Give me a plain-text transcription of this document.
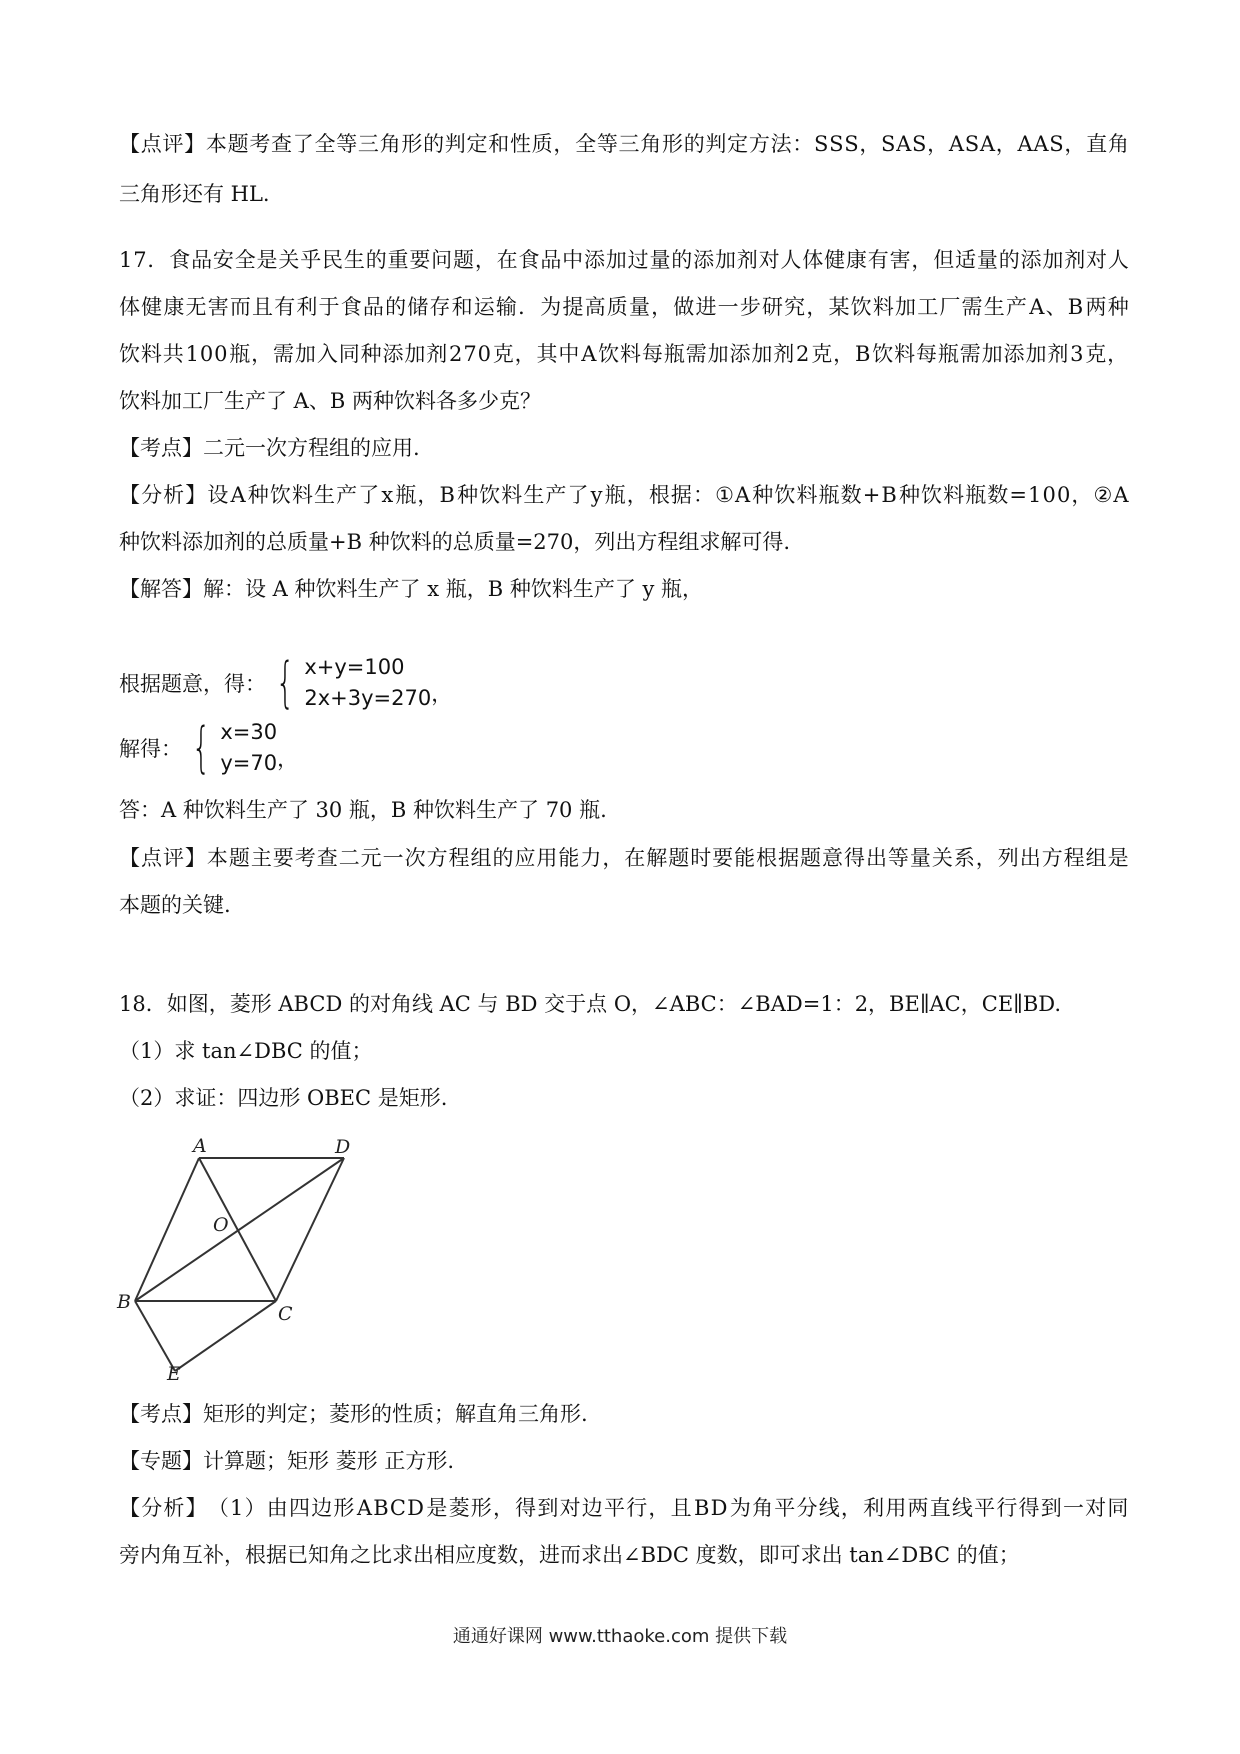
【 点 评 】 本 题 考 查 了 全 等 三 角 形 的 判 定 和 性 质 ， 全 等 三 角 形 的 判 定 方 法 ： S S S ， S A S ， A S A ， A A S ， 直 角
三角形还有 HL.
1 7 ． 食 品 安 全 是 关 乎 民 生 的 重 要 问 题 ， 在 食 品 中 添 加 过 量 的 添 加 剂 对 人 体 健 康 有 害 ， 但 适 量 的 添 加 剂 对 人
体 健 康 无 害 而 且 有 利 于 食 品 的 储 存 和 运 输 ． 为 提 高 质 量 ， 做 进 一 步 研 究 ， 某 饮 料 加 工 厂 需 生 产 A 、 B 两 种
饮 料 共 1 0 0 瓶 ， 需 加 入 同 种 添 加 剂 2 7 0 克 ， 其 中 A 饮 料 每 瓶 需 加 添 加 剂 2 克 ， B 饮 料 每 瓶 需 加 添 加 剂 3 克 ，
饮料加工厂生产了 A、B 两种饮料各多少克？
【考点】二元一次方程组的应用.
【 分 析 】 设 A 种 饮 料 生 产 了 x 瓶 ， B 种 饮 料 生 产 了 y 瓶 ， 根 据 ： ① A 种 饮 料 瓶 数 + B 种 饮 料 瓶 数 = 1 0 0 ， ② A
种饮料添加剂的总质量+B 种饮料的总质量=270，列出方程组求解可得.
【解答】解：设 A 种饮料生产了 x 瓶，B 种饮料生产了 y 瓶，
根据题意，得： { x+y=100
2x+3y=270 ，
解得： { x=30
y=70 ，
答：A 种饮料生产了 30 瓶，B 种饮料生产了 70 瓶.
【 点 评 】 本 题 主 要 考 查 二 元 一 次 方 程 组 的 应 用 能 力 ， 在 解 题 时 要 能 根 据 题 意 得 出 等 量 关 系 ， 列 出 方 程 组 是
本题的关键.
18．如图，菱形 ABCD 的对角线 AC 与 BD 交于点 O，∠ABC：∠BAD=1：2，BE∥AC，CE∥BD.
（1）求 tan∠DBC 的值；
（2）求证：四边形 OBEC 是矩形.
A	D
O
B
C
E
【考点】矩形的判定；菱形的性质；解直角三角形.
【专题】计算题；矩形 菱形 正方形.
【 分 析 】 （ 1 ） 由 四 边 形 A B C D 是 菱 形 ， 得 到 对 边 平 行 ， 且 B D 为 角 平 分 线 ， 利 用 两 直 线 平 行 得 到 一 对 同
旁内角互补，根据已知角之比求出相应度数，进而求出∠BDC 度数，即可求出 tan∠DBC 的值；
通通好课网 www.tthaoke.com 提供下载
